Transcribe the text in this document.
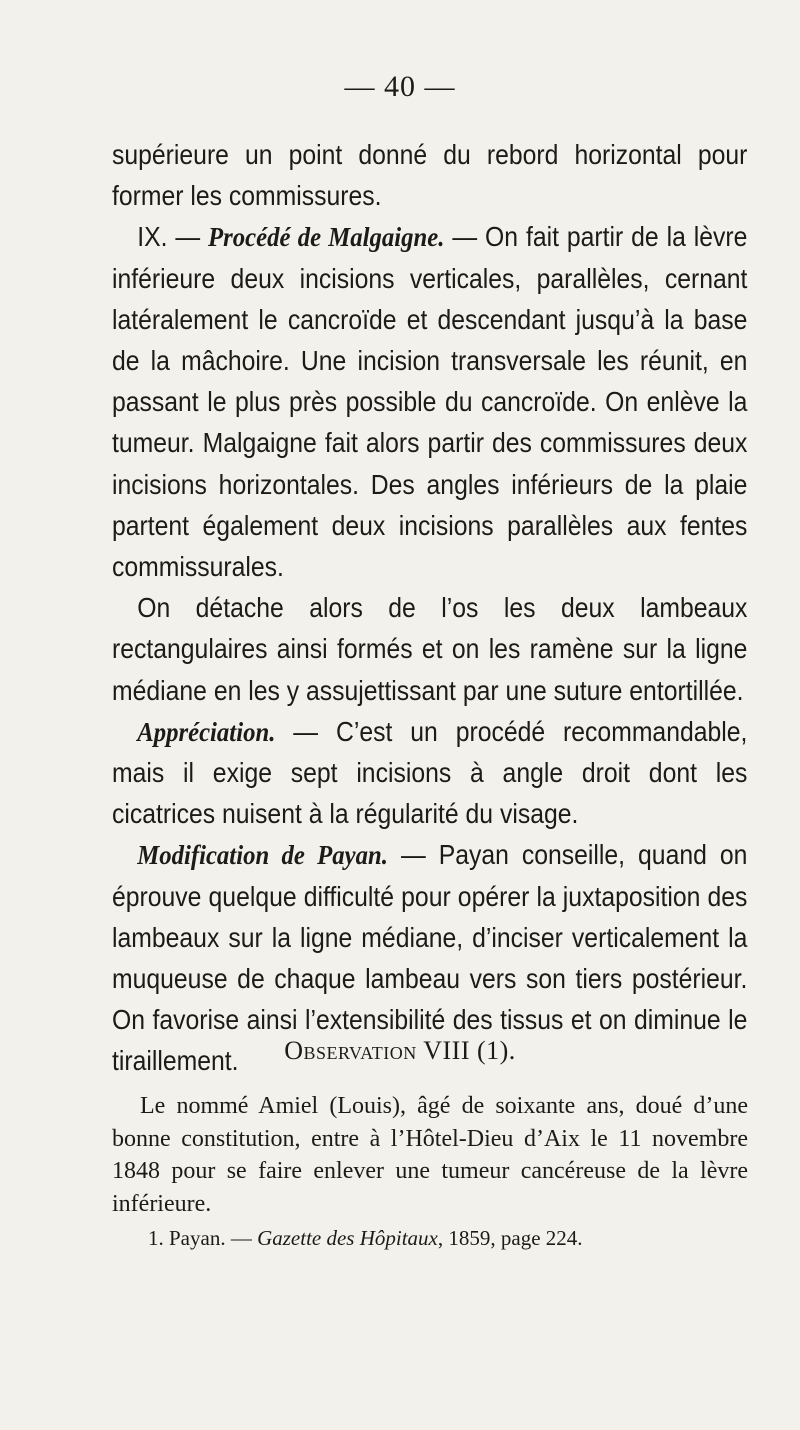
— 40 —

supérieure un point donné du rebord horizontal pour former les commissures.

IX. — Procédé de Malgaigne. — On fait partir de la lèvre inférieure deux incisions verticales, parallèles, cernant latéralement le cancroïde et descendant jusqu’à la base de la mâchoire. Une incision transversale les réunit, en passant le plus près possible du cancroïde. On enlève la tumeur. Malgaigne fait alors partir des commissures deux incisions horizontales. Des angles inférieurs de la plaie partent également deux incisions parallèles aux fentes commissurales.

On détache alors de l’os les deux lambeaux rectangulaires ainsi formés et on les ramène sur la ligne médiane en les y assujettissant par une suture entortillée.

Appréciation. — C’est un procédé recommandable, mais il exige sept incisions à angle droit dont les cicatrices nuisent à la régularité du visage.

Modification de Payan. — Payan conseille, quand on éprouve quelque difficulté pour opérer la juxtaposition des lambeaux sur la ligne médiane, d’inciser verticalement la muqueuse de chaque lambeau vers son tiers postérieur. On favorise ainsi l’extensibilité des tissus et on diminue le tiraillement.	Observation VIII (1).

Le nommé Amiel (Louis), âgé de soixante ans, doué d’une bonne constitution, entre à l’Hôtel-Dieu d’Aix le 11 novembre 1848 pour se faire enlever une tumeur cancéreuse de la lèvre inférieure.

1. Payan. — Gazette des Hôpitaux, 1859, page 224.
